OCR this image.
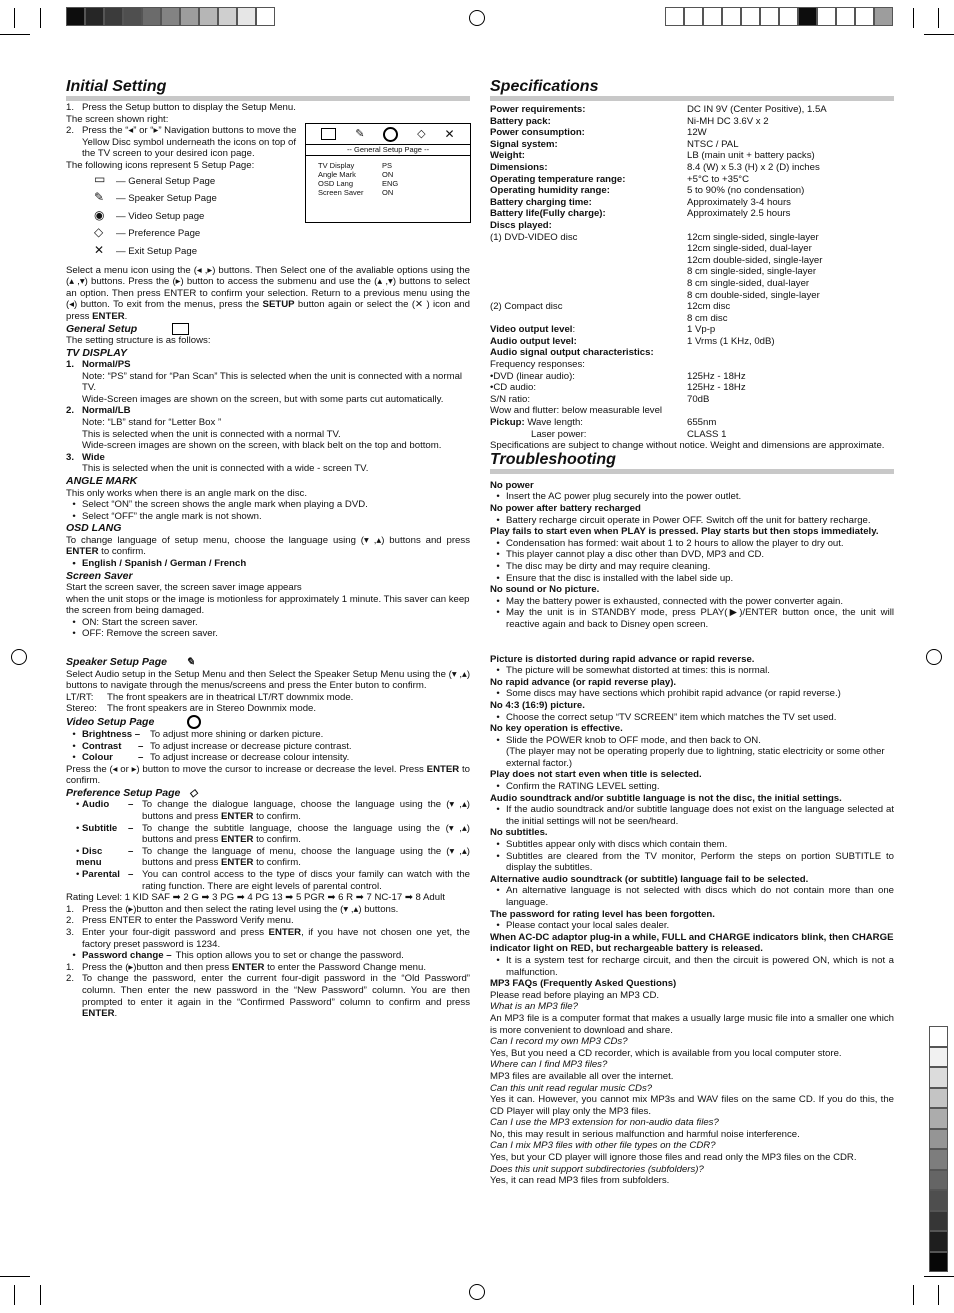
✎	◇ ✕
-- General Setup Page --
TV Display	PS
Angle Mark	ON
OSD Lang	ENG
Screen Saver	ON
Initial Setting
1. Press the Setup button to display the Setup Menu.
The screen shown right:
2. Press the “◂” or “▸” Navigation buttons to move the Yellow Disc symbol underneath the icons on top of the TV screen to your desired icon page.
The following icons represent 5 Setup Page:
▭	— General Setup Page
✎	— Speaker Setup Page
◉	— Video Setup page
◇	— Preference Page
✕	— Exit Setup Page
Select a menu icon using the (◂ ,▸) buttons. Then Select one of the avaliable options using the (▴ ,▾) buttons. Press the (▸) button to access the submenu and use the (▴ ,▾) buttons to select an option. Then press ENTER to confirm your selection. Return to a previous menu using the (◂) button. To exit from the menus, press the SETUP button again or select the (✕ ) icon and press ENTER.
General Setup
The setting structure is as follows:
TV DISPLAY
1. Normal/PS
Note: “PS” stand for “Pan Scan” This is selected when the unit is connected with a normal TV.
Wide-Screen images are shown on the screen, but with some parts cut automatically.
2. Normal/LB
Note: “LB” stand for “Letter Box ”
This is selected when the unit is connected with a normal TV.
Wide-screen images are shown on the screen, with black belt on the top and bottom.
3. Wide
This is selected when the unit is connected with a wide - screen TV.
ANGLE MARK
This only works when there is an angle mark on the disc.
• Select “ON” the screen shows the angle mark when playing a DVD.
• Select “OFF” the angle mark is not shown.
OSD LANG
To change language of setup menu, choose the language using (▾ ,▴) buttons and press ENTER to confirm.
• English / Spanish / German / French
Screen Saver
Start the screen saver, the screen saver image appears
when the unit stops or the image is motionless for approximately 1 minute. This saver can keep the screen from being damaged.
• ON: Start the screen saver.
• OFF: Remove the screen saver.
Speaker Setup Page ✎
Select Audio setup in the Setup Menu and then Select the Speaker Setup Menu using the (▾ ,▴) buttons to navigate through the menus/screens and press the Enter buton to confirm.
LT/RT:	The front speakers are in theatrical LT/RT downmix mode.
Stereo:	The front speakers are in Stereo Downmix mode.
Video Setup Page
• Brightness –	To adjust more shining or darken picture.
• Contrast	– To adjust increase or decrease picture contrast.
• Colour	– To adjust increase or decrease colour intensity.
Press the (◂ or ▸) button to move the cursor to increase or decrease the level. Press ENTER to confirm.
Preference Setup Page ◇
• Audio	– To change the dialogue language, choose the language using the (▾ ,▴) buttons and press ENTER to confirm.
• Subtitle	– To change the subtitle language, choose the language using the (▾ ,▴) buttons and press ENTER to confirm.
• Disc menu
– To change the language of menu, choose the language using the (▾ ,▴) buttons and press ENTER to confirm.
• Parental – You can control access to the type of discs your family can watch with the rating function. There are eight levels of parental control.
Rating Level: 1 KID SAF ➡ 2 G ➡ 3 PG ➡ 4 PG 13 ➡ 5 PGR ➡ 6 R ➡ 7 NC-17 ➡ 8 Adult
1. Press the (▸)button and then select the rating level using the (▾ ,▴) buttons.
2. Press ENTER to enter the Password Verify menu.
3. Enter your four-digit password and press ENTER, if you have not chosen one yet, the factory preset password is 1234.
• Password change – This option allows you to set or change the password.
1. Press the (▸)button and then press ENTER to enter the Password Change menu.
2. To change the password, enter the current four-digit password in the “Old Password” column. Then enter the new password in the “New Password” column. You are then prompted to enter it again in the “Confirmed Password” column to confirm and press ENTER.
Specifications
Power requirements:	DC IN 9V (Center Positive), 1.5A
Battery pack:	Ni-MH DC 3.6V x 2
Power consumption:	12W
Signal system:	NTSC / PAL
Weight:	LB (main unit + battery packs)
Dimensions:	8.4 (W) x 5.3 (H) x 2 (D) inches
Operating temperature range:	+5°C to +35°C
Operating humidity range:	5 to 90% (no condensation)
Battery charging time:	Approximately 3-4 hours
Battery life(Fully charge):	Approximately 2.5 hours
Discs played:
(1) DVD-VIDEO disc	12cm single-sided, single-layer
12cm single-sided, dual-layer
12cm double-sided, single-layer
8 cm single-sided, single-layer
8 cm single-sided, dual-layer
8 cm double-sided, single-layer
(2) Compact disc	12cm disc
8 cm disc
Video output level:	1 Vp-p
Audio output level:	1 Vrms (1 KHz, 0dB)
Audio signal output characteristics:
Frequency responses:
•DVD (linear audio):	125Hz - 18Hz
•CD audio:	125Hz - 18Hz
S/N ratio:	70dB
Wow and flutter: below measurable level
Pickup: Wave length:	655nm
Laser power:	CLASS 1
Specifications are subject to change without notice. Weight and dimensions are approximate.
Troubleshooting
No power
• Insert the AC power plug securely into the power outlet.
No power after battery recharged
• Battery recharge circuit operate in Power OFF. Switch off the unit for battery recharge.
Play fails to start even when PLAY is pressed. Play starts but then stops immediately.
• Condensation has formed: wait about 1 to 2 hours to allow the player to dry out.
• This player cannot play a disc other than DVD, MP3 and CD.
• The disc may be dirty and may require cleaning.
• Ensure that the disc is installed with the label side up.
No sound or No picture.
• May the battery power is exhausted, connected with the power converter again.
• May the unit is in STANDBY mode, press PLAY(▶)/ENTER button once, the unit will reactive again and back to Disney open screen.
Picture is distorted during rapid advance or rapid reverse.
• The picture will be somewhat distorted at times: this is normal.
No rapid advance (or rapid reverse play).
• Some discs may have sections which prohibit rapid advance (or rapid reverse.)
No 4:3 (16:9) picture.
• Choose the correct setup “TV SCREEN” item which matches the TV set used.
No key operation is effective.
• Slide the POWER knob to OFF mode, and then back to ON.
(The player may not be operating properly due to lightning, static electricity or some other external factor.)
Play does not start even when title is selected.
• Confirm the RATING LEVEL setting.
Audio soundtrack and/or subtitle language is not the disc, the initial settings.
• If the audio soundtrack and/or subtitle language does not exist on the language selected at the initial settings will not be seen/heard.
No subtitles.
• Subtitles appear only with discs which contain them.
• Subtitles are cleared from the TV monitor, Perform the steps on portion SUBTITLE to display the subtitles.
Alternative audio soundtrack (or subtitle) language fail to be selected.
• An alternative language is not selected with discs which do not contain more than one language.
The password for rating level has been forgotten.
• Please contact your local sales dealer.
When AC-DC adaptor plug-in a while, FULL and CHARGE indicators blink, then CHARGE indicator light on RED, but rechargeable battery is released.
• It is a system test for recharge circuit, and then the circuit is powered ON, which is not a malfunction.
MP3 FAQs (Frequently Asked Questions)
Please read before playing an MP3 CD.
What is an MP3 file?
An MP3 file is a computer format that makes a usually large music file into a smaller one which is more convenient to download and share.
Can I record my own MP3 CDs?
Yes, But you need a CD recorder, which is available from you local computer store.
Where can I find MP3 files?
MP3 files are available all over the internet.
Can this unit read regular music CDs?
Yes it can. However, you cannot mix MP3s and WAV files on the same CD. If you do this, the CD Player will play only the MP3 files.
Can I use the MP3 extension for non-audio data files?
No, this may result in serious malfunction and harmful noise interference.
Can I mix MP3 files with other file types on the CDR?
Yes, but your CD player will ignore those files and read only the MP3 files on the CDR.
Does this unit support subdirectories (subfolders)?
Yes, it can read MP3 files from subfolders.
